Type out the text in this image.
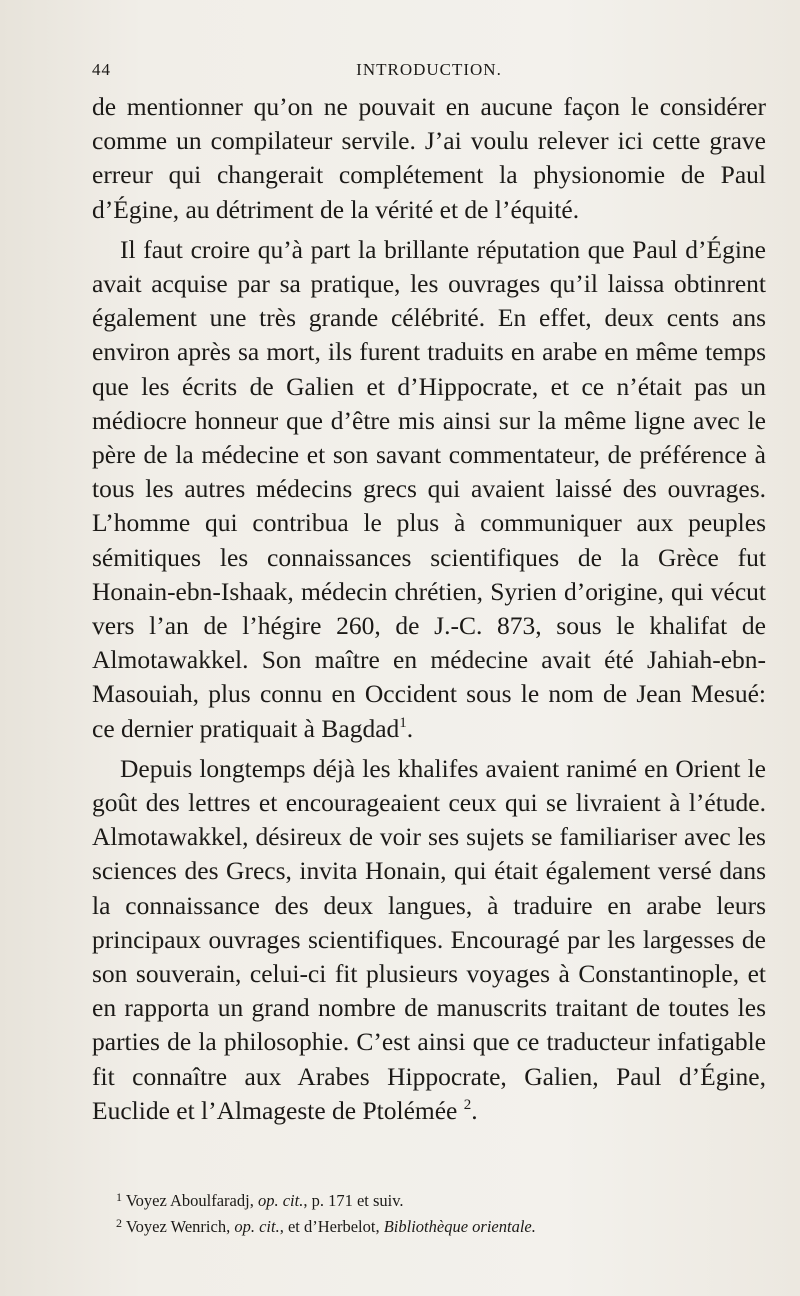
44	INTRODUCTION.

de mentionner qu’on ne pouvait en aucune façon le considérer comme un compilateur servile. J’ai voulu relever ici cette grave erreur qui changerait complétement la physionomie de Paul d’Égine, au détriment de la vérité et de l’équité.

Il faut croire qu’à part la brillante réputation que Paul d’Égine avait acquise par sa pratique, les ouvrages qu’il laissa obtinrent également une très grande célébrité. En effet, deux cents ans environ après sa mort, ils furent traduits en arabe en même temps que les écrits de Galien et d’Hippocrate, et ce n’était pas un médiocre honneur que d’être mis ainsi sur la même ligne avec le père de la médecine et son savant commentateur, de préférence à tous les autres médecins grecs qui avaient laissé des ouvrages. L’homme qui contribua le plus à communiquer aux peuples sémitiques les connaissances scientifiques de la Grèce fut Honain-ebn-Ishaak, médecin chrétien, Syrien d’origine, qui vécut vers l’an de l’hégire 260, de J.-C. 873, sous le khalifat de Almotawakkel. Son maître en médecine avait été Jahiah-ebn-Masouiah, plus connu en Occident sous le nom de Jean Mesué: ce dernier pratiquait à Bagdad$^1$.

Depuis longtemps déjà les khalifes avaient ranimé en Orient le goût des lettres et encourageaient ceux qui se livraient à l’étude. Almotawakkel, désireux de voir ses sujets se familiariser avec les sciences des Grecs, invita Honain, qui était également versé dans la connaissance des deux langues, à traduire en arabe leurs principaux ouvrages scientifiques. Encouragé par les largesses de son souverain, celui-ci fit plusieurs voyages à Constantinople, et en rapporta un grand nombre de manuscrits traitant de toutes les parties de la philosophie. C’est ainsi que ce traducteur infatigable fit connaître aux Arabes Hippocrate, Galien, Paul d’Égine, Euclide et l’Almageste de Ptolémée $^2$.

$^1$ Voyez Aboulfaradj, op. cit., p. 171 et suiv.

$^2$ Voyez Wenrich, op. cit., et d’Herbelot, Bibliothèque orientale.
